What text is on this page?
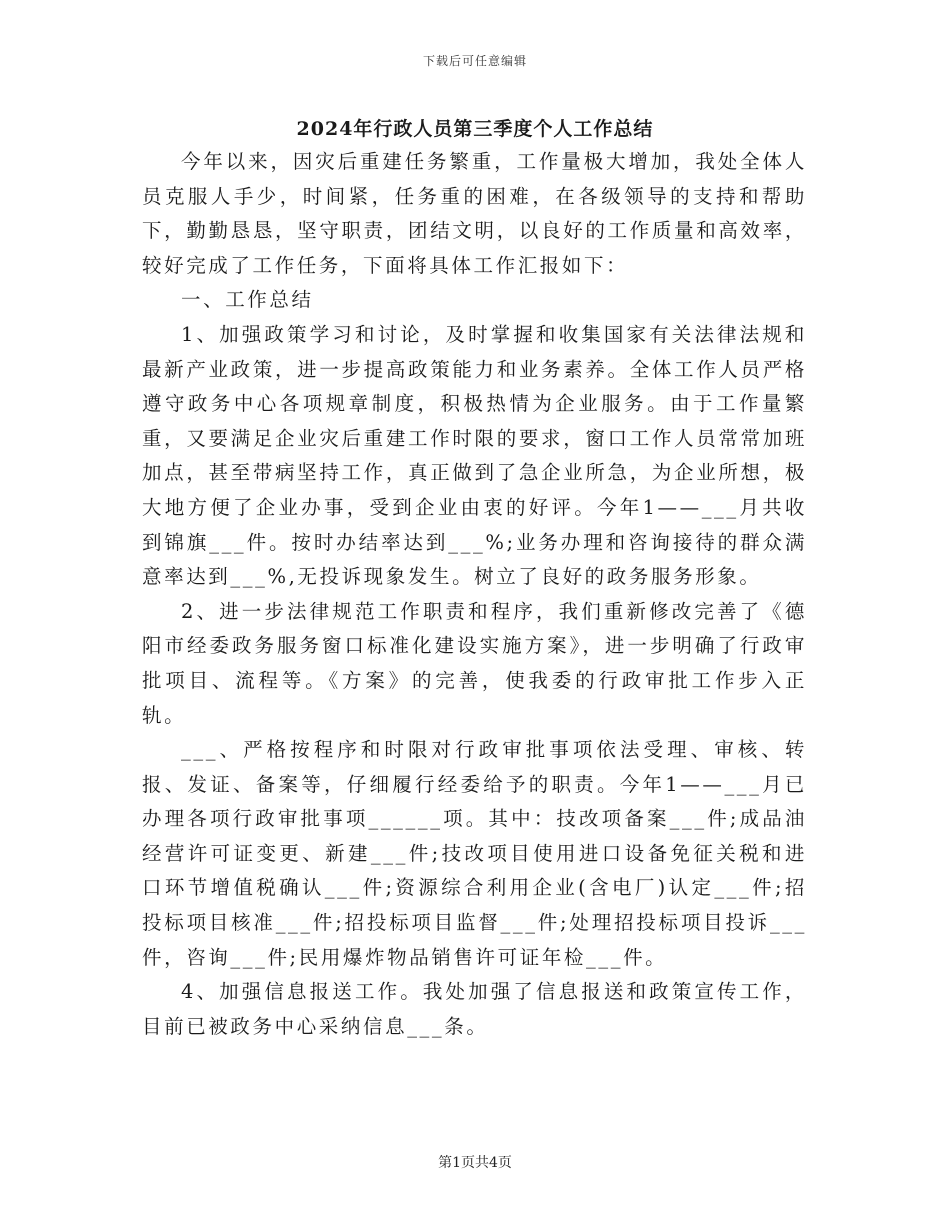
下载后可任意编辑
2024年行政人员第三季度个人工作总结

今年以来，因灾后重建任务繁重，工作量极大增加，我处全体人员克服人手少，时间紧，任务重的困难，在各级领导的支持和帮助下，勤勤恳恳，坚守职责，团结文明，以良好的工作质量和高效率，较好完成了工作任务，下面将具体工作汇报如下：

一、工作总结

1、加强政策学习和讨论，及时掌握和收集国家有关法律法规和最新产业政策，进一步提高政策能力和业务素养。全体工作人员严格遵守政务中心各项规章制度，积极热情为企业服务。由于工作量繁重，又要满足企业灾后重建工作时限的要求，窗口工作人员常常加班加点，甚至带病坚持工作，真正做到了急企业所急，为企业所想，极大地方便了企业办事，受到企业由衷的好评。今年1——___月共收到锦旗___件。按时办结率达到___%;业务办理和咨询接待的群众满意率达到___%,无投诉现象发生。树立了良好的政务服务形象。

2、进一步法律规范工作职责和程序，我们重新修改完善了《德阳市经委政务服务窗口标准化建设实施方案》，进一步明确了行政审批项目、流程等。《方案》的完善，使我委的行政审批工作步入正轨。

___、严格按程序和时限对行政审批事项依法受理、审核、转报、发证、备案等，仔细履行经委给予的职责。今年1——___月已办理各项行政审批事项______项。其中：技改项备案___件;成品油经营许可证变更、新建___件;技改项目使用进口设备免征关税和进口环节增值税确认___件;资源综合利用企业(含电厂)认定___件;招投标项目核准___件;招投标项目监督___件;处理招投标项目投诉___件，咨询___件;民用爆炸物品销售许可证年检___件。

4、加强信息报送工作。我处加强了信息报送和政策宣传工作，目前已被政务中心采纳信息___条。

第1页共4页
